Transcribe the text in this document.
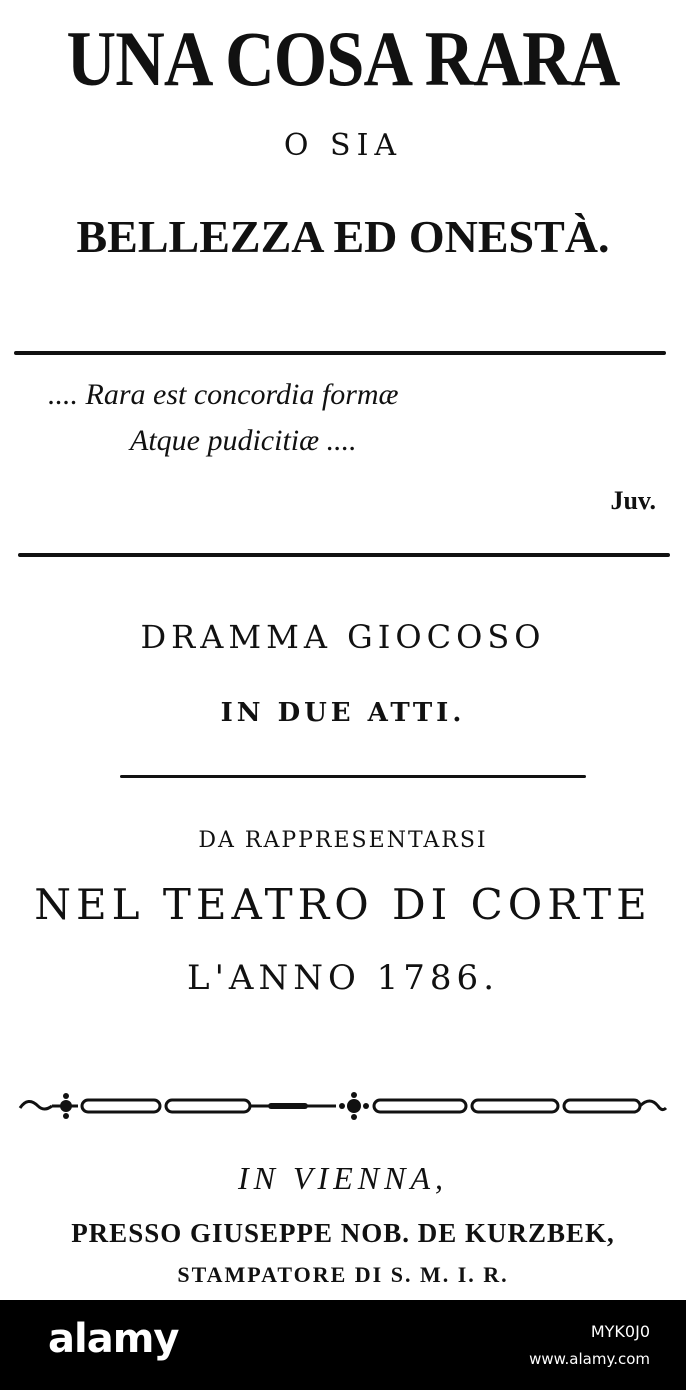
UNA COSA RARA
O SIA
BELLEZZA ED ONESTÀ.
.... Rara est concordia formæ
Atque pudicitiæ ....
Juv.
DRAMMA GIOCOSO
IN DUE ATTI.
DA RAPPRESENTARSI
NEL TEATRO DI CORTE
L'ANNO 1786.
IN VIENNA,
PRESSO GIUSEPPE NOB. DE KURZBEK,
STAMPATORE DI S. M. I. R.
alamy	MYK0J0
www.alamy.com
